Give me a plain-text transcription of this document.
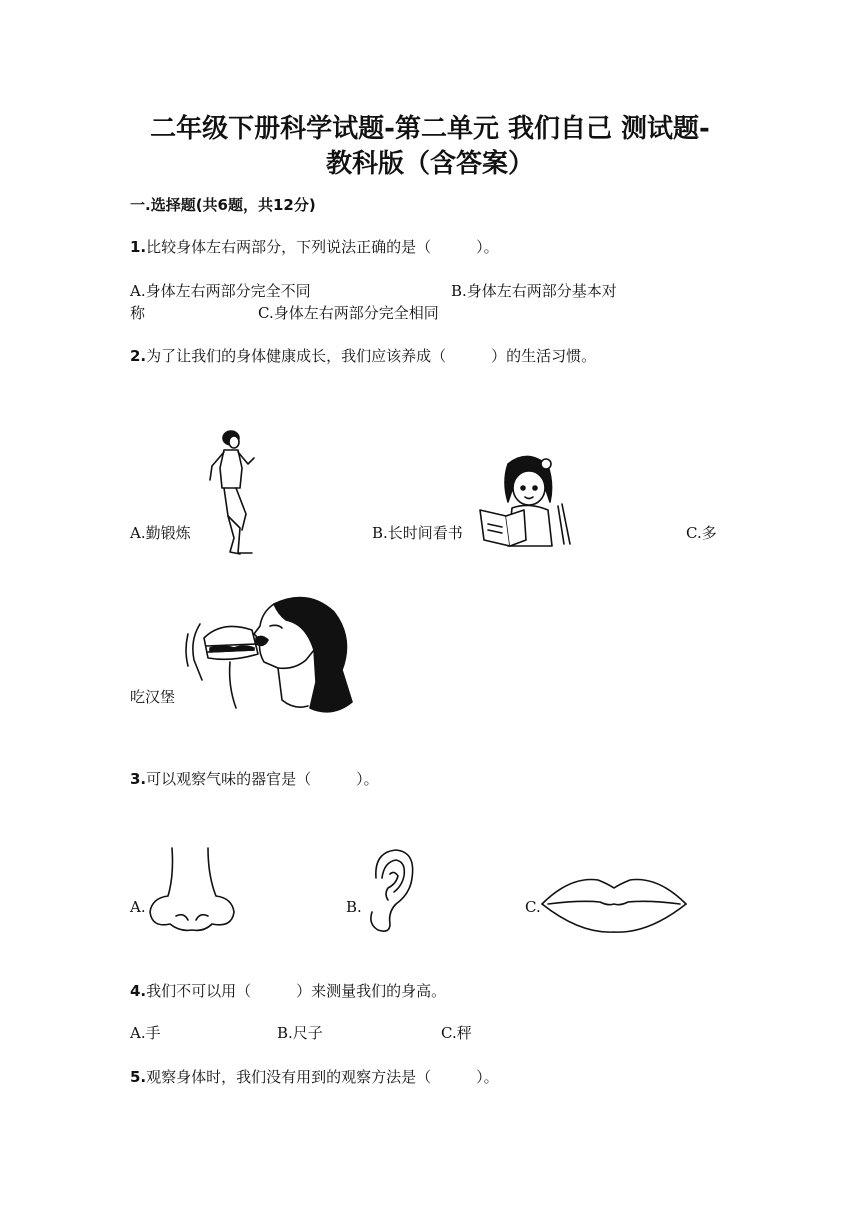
二年级下册科学试题-第二单元 我们自己 测试题-
教科版（含答案）
一.选择题(共6题，共12分)
1.比较身体左右两部分，下列说法正确的是（　　　）。
A.身体左右两部分完全不同	B.身体左右两部分基本对
称	C.身体左右两部分完全相同
2.为了让我们的身体健康成长，我们应该养成（　　　）的生活习惯。
A.勤锻炼	B.长时间看书	C.多
吃汉堡
3.可以观察气味的器官是（　　　）。
A.	B.	C.
4.我们不可以用（　　　）来测量我们的身高。
A.手	B.尺子	C.秤
5.观察身体时，我们没有用到的观察方法是（　　　）。
